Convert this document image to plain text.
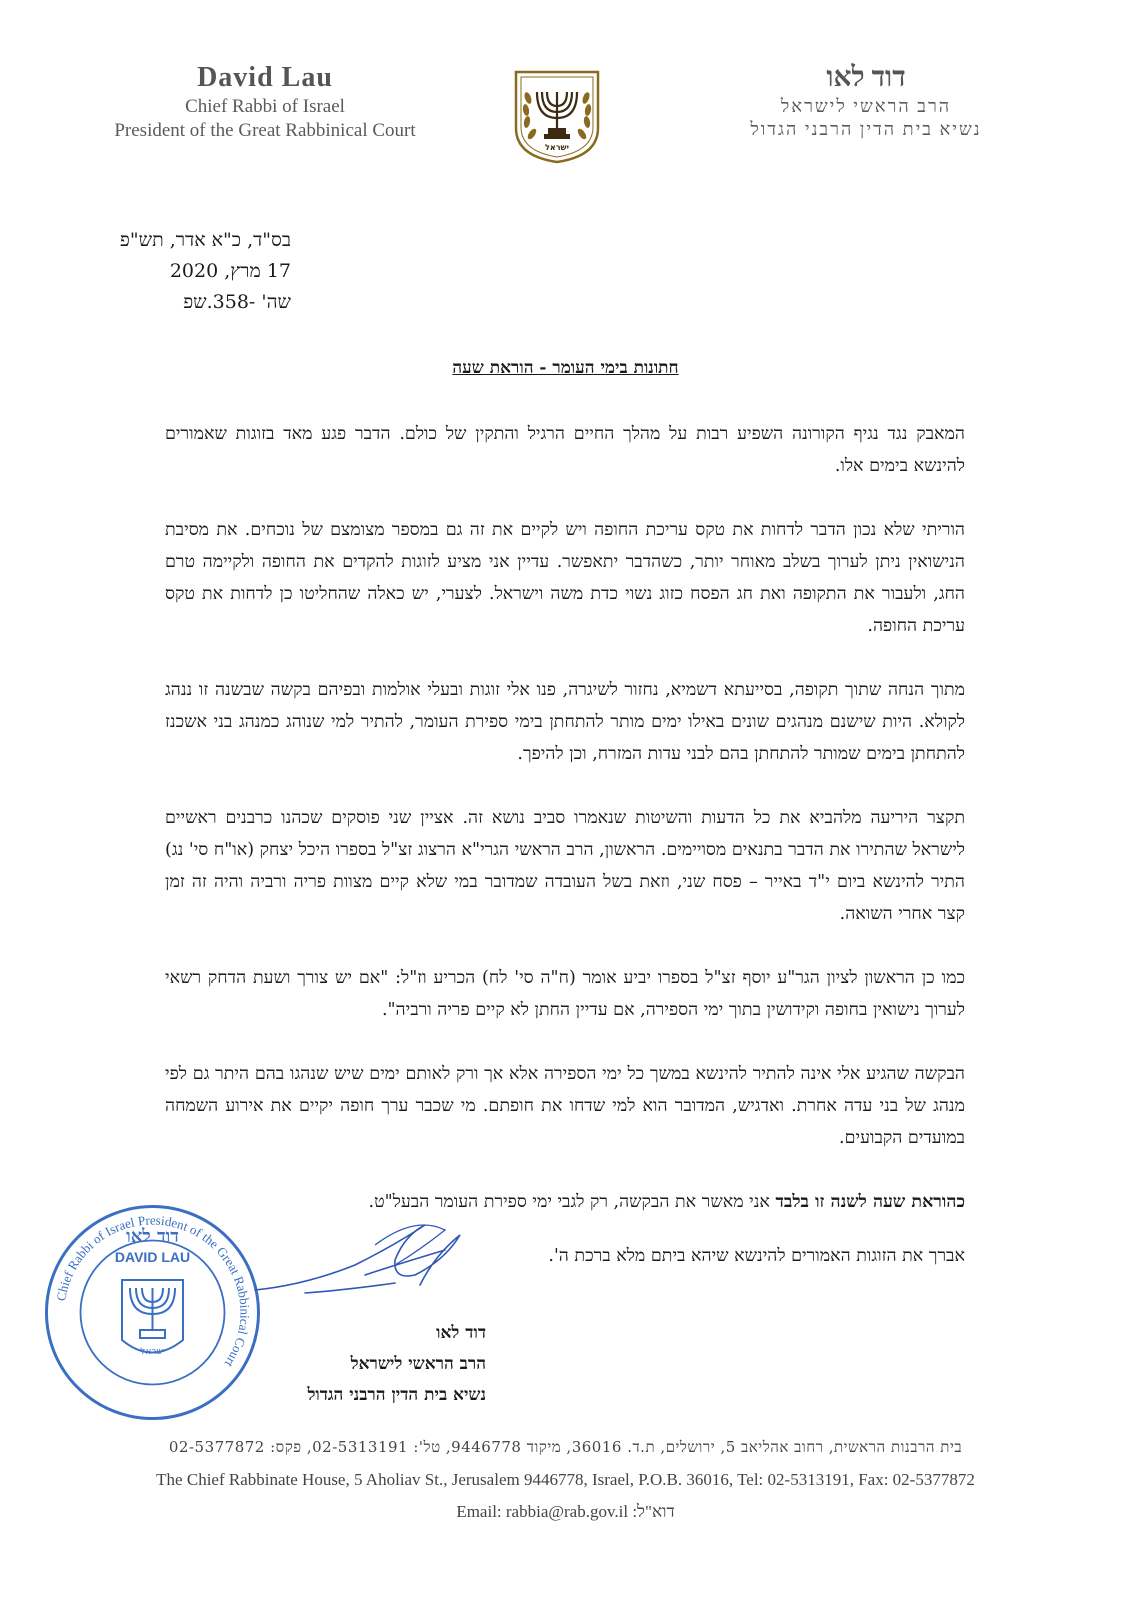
David Lau
Chief Rabbi of Israel
President of the Great Rabbinical Court
ישראל
דוד לאו
הרב הראשי לישראל
נשיא בית הדין הרבני הגדול
בס"ד, כ"א אדר, תש"פ
17 מרץ, 2020
שה' -358.שפ
חתונות בימי העומר - הוראת שעה

המאבק נגד נגיף הקורונה השפיע רבות על מהלך החיים הרגיל והתקין של כולם. הדבר פגע מאד בזוגות שאמורים להינשא בימים אלו.

הוריתי שלא נכון הדבר לדחות את טקס עריכת החופה ויש לקיים את זה גם במספר מצומצם של נוכחים. את מסיבת הנישואין ניתן לערוך בשלב מאוחר יותר, כשהדבר יתאפשר. עדיין אני מציע לזוגות להקדים את החופה ולקיימה טרם החג, ולעבור את התקופה ואת חג הפסח כזוג נשוי כדת משה וישראל. לצערי, יש כאלה שהחליטו כן לדחות את טקס עריכת החופה.

מתוך הנחה שתוך תקופה, בסייעתא דשמיא, נחזור לשיגרה, פנו אלי זוגות ובעלי אולמות ובפיהם בקשה שבשנה זו ננהג לקולא. היות שישנם מנהגים שונים באילו ימים מותר להתחתן בימי ספירת העומר, להתיר למי שנוהג כמנהג בני אשכנז להתחתן בימים שמותר להתחתן בהם לבני עדות המזרח, וכן להיפך.

תקצר היריעה מלהביא את כל הדעות והשיטות שנאמרו סביב נושא זה. אציין שני פוסקים שכהנו כרבנים ראשיים לישראל שהתירו את הדבר בתנאים מסויימים. הראשון, הרב הראשי הגרי"א הרצוג זצ"ל בספרו היכל יצחק (או"ח סי' נג) התיר להינשא ביום י"ד באייר – פסח שני, וזאת בשל העובדה שמדובר במי שלא קיים מצוות פריה ורביה והיה זה זמן קצר אחרי השואה.

כמו כן הראשון לציון הגר"ע יוסף זצ"ל בספרו יביע אומר (ח"ה סי' לח) הכריע וז"ל: "אם יש צורך ושעת הדחק רשאי לערוך נישואין בחופה וקידושין בתוך ימי הספירה, אם עדיין החתן לא קיים פריה ורביה".

הבקשה שהגיע אלי אינה להתיר להינשא במשך כל ימי הספירה אלא אך ורק לאותם ימים שיש שנהגו בהם היתר גם לפי מנהג של בני עדה אחרת. ואדגיש, המדובר הוא למי שדחו את חופתם. מי שכבר ערך חופה יקיים את אירוע השמחה במועדים הקבועים.

כהוראת שעה לשנה זו בלבד אני מאשר את הבקשה, רק לגבי ימי ספירת העומר הבעל"ט.

אברך את הזוגות האמורים להינשא שיהא ביתם מלא ברכת ה'.

Chief Rabbi of Israel President of the Great Rabbinical Court
DAVID LAU
דוד לאו
ישראל
דוד לאו
הרב הראשי לישראל
נשיא בית הדין הרבני הגדול
בית הרבנות הראשית, רחוב אהליאב 5, ירושלים, ת.ד. 36016, מיקוד 9446778, טל': 02-5313191, פקס: 02-5377872
The Chief Rabbinate House, 5 Aholiav St., Jerusalem 9446778, Israel, P.O.B. 36016, Tel: 02-5313191, Fax: 02-5377872
Email: rabbia@rab.gov.il :דוא"ל
